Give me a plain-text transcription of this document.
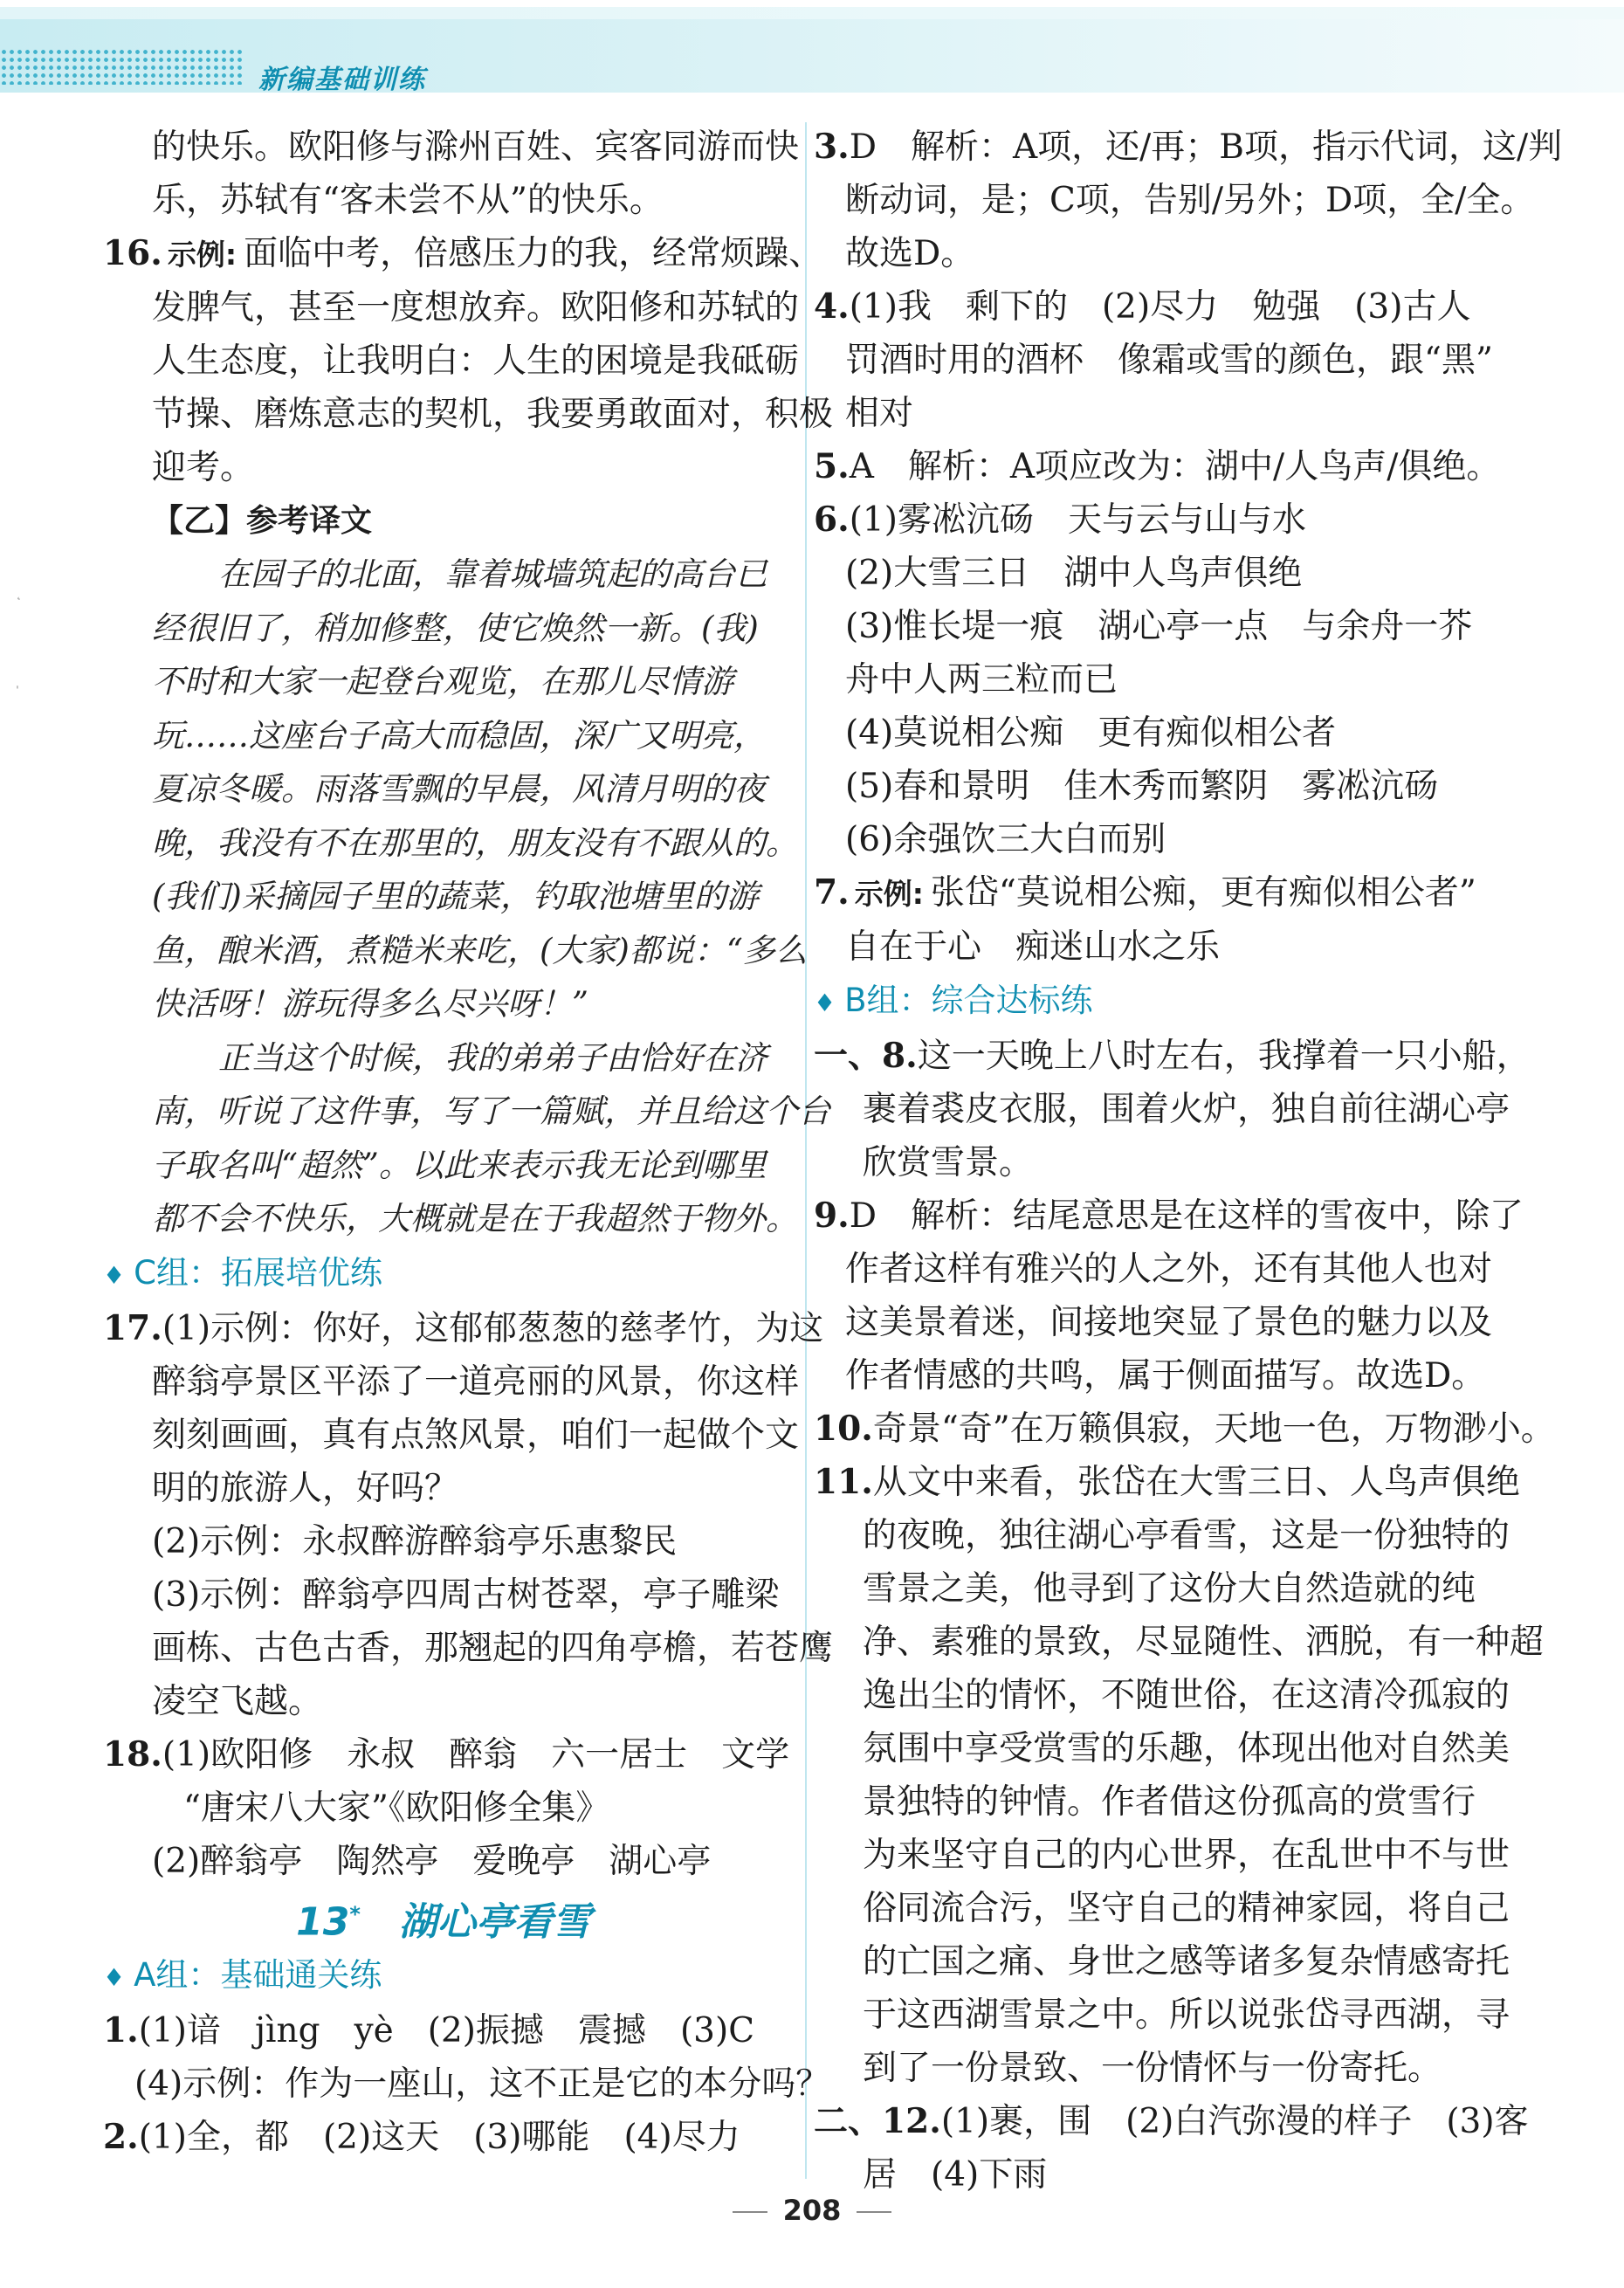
新编基础训练
˛
ˌ
的快乐。欧阳修与滁州百姓、宾客同游而快
乐，苏轼有“客未尝不从”的快乐。
16. 示例: 面临中考，倍感压力的我，经常烦躁、
发脾气，甚至一度想放弃。欧阳修和苏轼的
人生态度，让我明白：人生的困境是我砥砺
节操、磨炼意志的契机，我要勇敢面对，积极
迎考。
【乙】参考译文
在园子的北面，靠着城墙筑起的高台已
经很旧了，稍加修整，使它焕然一新。(我)
不时和大家一起登台观览，在那儿尽情游
玩……这座台子高大而稳固，深广又明亮，
夏凉冬暖。雨落雪飘的早晨，风清月明的夜
晚，我没有不在那里的，朋友没有不跟从的。
(我们)采摘园子里的蔬菜，钓取池塘里的游
鱼，酿米酒，煮糙米来吃，(大家)都说：“多么
快活呀！游玩得多么尽兴呀！”
正当这个时候，我的弟弟子由恰好在济
南，听说了这件事，写了一篇赋，并且给这个台
子取名叫“超然”。以此来表示我无论到哪里
都不会不快乐，大概就是在于我超然于物外。
♦ C组：拓展培优练
17.(1)示例：你好，这郁郁葱葱的慈孝竹，为这
醉翁亭景区平添了一道亮丽的风景，你这样
刻刻画画，真有点煞风景，咱们一起做个文
明的旅游人，好吗？
(2)示例：永叔醉游醉翁亭乐惠黎民
(3)示例：醉翁亭四周古树苍翠，亭子雕梁
画栋、古色古香，那翘起的四角亭檐，若苍鹰
凌空飞越。
18.(1)欧阳修　永叔　醉翁　六一居士　文学
“唐宋八大家”《欧阳修全集》
(2)醉翁亭　陶然亭　爱晚亭　湖心亭
13* 湖心亭看雪
♦ A组：基础通关练
1.(1)谙　jìng　yè　(2)振撼　震撼　(3)C
(4)示例：作为一座山，这不正是它的本分吗？
2.(1)全，都　(2)这天　(3)哪能　(4)尽力
3.D　解析：A项，还/再；B项，指示代词，这/判
断动词，是；C项，告别/另外；D项，全/全。
故选D。
4.(1)我　剩下的　(2)尽力　勉强　(3)古人
罚酒时用的酒杯　像霜或雪的颜色，跟“黑”
相对
5.A　解析：A项应改为：湖中/人鸟声/俱绝。
6.(1)雾凇沆砀　天与云与山与水
(2)大雪三日　湖中人鸟声俱绝
(3)惟长堤一痕　湖心亭一点　与余舟一芥
舟中人两三粒而已
(4)莫说相公痴　更有痴似相公者
(5)春和景明　佳木秀而繁阴　雾凇沆砀
(6)余强饮三大白而别
7. 示例: 张岱“莫说相公痴，更有痴似相公者”
自在于心　痴迷山水之乐
♦ B组：综合达标练
一、8.这一天晚上八时左右，我撑着一只小船，
裹着裘皮衣服，围着火炉，独自前往湖心亭
欣赏雪景。
9.D　解析：结尾意思是在这样的雪夜中，除了
作者这样有雅兴的人之外，还有其他人也对
这美景着迷，间接地突显了景色的魅力以及
作者情感的共鸣，属于侧面描写。故选D。
10.奇景“奇”在万籁俱寂，天地一色，万物渺小。
11.从文中来看，张岱在大雪三日、人鸟声俱绝
的夜晚，独往湖心亭看雪，这是一份独特的
雪景之美，他寻到了这份大自然造就的纯
净、素雅的景致，尽显随性、洒脱，有一种超
逸出尘的情怀，不随世俗，在这清冷孤寂的
氛围中享受赏雪的乐趣，体现出他对自然美
景独特的钟情。作者借这份孤高的赏雪行
为来坚守自己的内心世界，在乱世中不与世
俗同流合污，坚守自己的精神家园，将自己
的亡国之痛、身世之感等诸多复杂情感寄托
于这西湖雪景之中。所以说张岱寻西湖，寻
到了一份景致、一份情怀与一份寄托。
二、12.(1)裹，围　(2)白汽弥漫的样子　(3)客
居　(4)下雨
208
